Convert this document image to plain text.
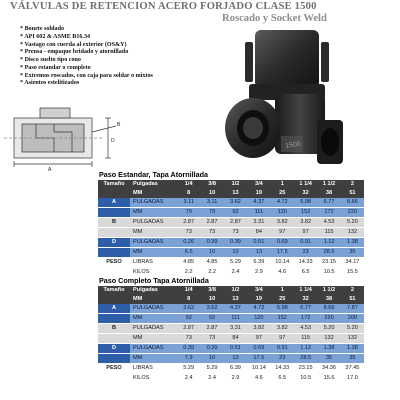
VÁLVULAS DE RETENCION ACERO FORJADO CLASE 1500
Roscado y Socket Weld
* Bonete soldado
* API 602 & ASME B16.34
* Vastago con cuerda al exterior (OS&Y)
* Prensa - empaque bridado y atornillado
* Disco suelto tipo cono
* Paso estandar o completo
* Extremos roscados, con caja para soldar o mixtos
* Asientos estelitizados
A
B
D	1500
Paso Estandar, Tapa Atornillada
Tamaño	Pulgadas	1/4	3/8	1/2	3/4	1	1 1/4	1 1/2	2
	MM	8	10	13	19	25	32	38	51
A	PULGADAS	3.11	3.11	3.62	4.37	4.72	5.98	6.77	8.66
	MM	79	79	92	111	120	152	172	220
B	PULGADAS	2.87	2.87	2.87	3.31	3.82	3.82	4.53	5.20
	MM	73	73	73	84	97	97	115	132
D	PULGADAS	0.26	0.39	0.39	0.51	0.69	0.91	1.12	1.38
	MM	6.5	10	10	13	17.5	23	28.5	35
PESO	LIBRAS	4.85	4.85	5.29	6.39	10.14	14.33	23.15	34.17
	KILOS	2.2	2.2	2.4	2.9	4.6	6.5	10.5	15.5
Paso Completo Tapa Atornillada
Tamaño	Pulgadas	1/4	3/8	1/2	3/4	1	1 1/4	1 1/2	2
	MM	8	10	13	19	25	32	38	51
A	PULGADAS	3.62	3.62	4.37	4.72	5.98	6.77	8.66	7.87
	MM	92	92	111	120	152	172	220	200
B	PULGADAS	2.87	2.87	3.31	3.82	3.82	4.53	5.20	5.20
	MM	73	73	84	97	97	115	132	132
D	PULGADAS	0.39	0.39	0.51	0.69	0.91	1.12	1.38	1.38
	MM	7.9	10	13	17.5	23	28.5	35	35
PESO	LIBRAS	5.29	5.29	6.39	10.14	14.33	23.15	34.36	37.45
	KILOS	2.4	2.4	2.9	4.6	6.5	10.5	15.6	17.0
